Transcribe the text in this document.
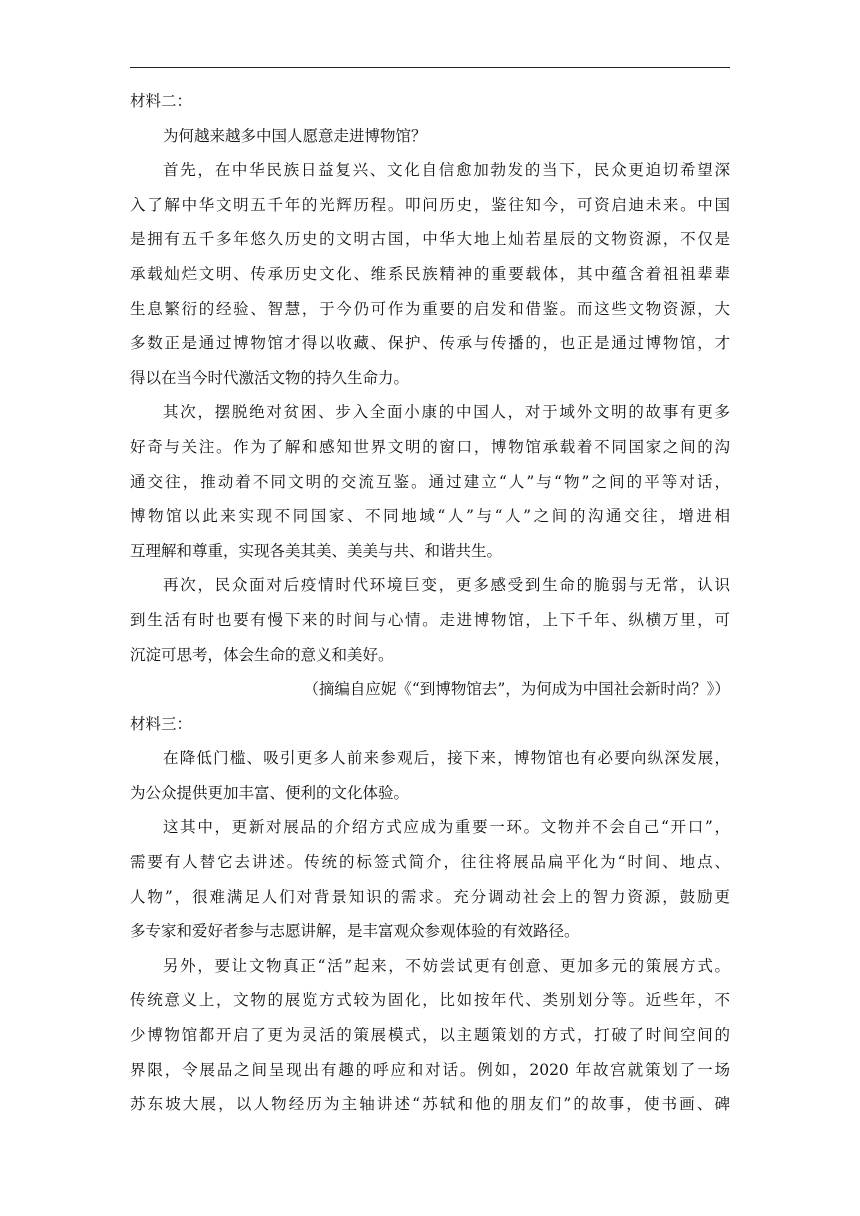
材料二：
为何越来越多中国人愿意走进博物馆？
首先，在中华民族日益复兴、文化自信愈加勃发的当下，民众更迫切希望深
入了解中华文明五千年的光辉历程。叩问历史，鉴往知今，可资启迪未来。中国
是拥有五千多年悠久历史的文明古国，中华大地上灿若星辰的文物资源，不仅是
承载灿烂文明、传承历史文化、维系民族精神的重要载体，其中蕴含着祖祖辈辈
生息繁衍的经验、智慧，于今仍可作为重要的启发和借鉴。而这些文物资源，大
多数正是通过博物馆才得以收藏、保护、传承与传播的，也正是通过博物馆，才
得以在当今时代激活文物的持久生命力。
其次，摆脱绝对贫困、步入全面小康的中国人，对于域外文明的故事有更多
好奇与关注。作为了解和感知世界文明的窗口，博物馆承载着不同国家之间的沟
通交往，推动着不同文明的交流互鉴。通过建立“人”与“物”之间的平等对话，
博物馆以此来实现不同国家、不同地域“人”与“人”之间的沟通交往，增进相
互理解和尊重，实现各美其美、美美与共、和谐共生。
再次，民众面对后疫情时代环境巨变，更多感受到生命的脆弱与无常，认识
到生活有时也要有慢下来的时间与心情。走进博物馆，上下千年、纵横万里，可
沉淀可思考，体会生命的意义和美好。
（摘编自应妮《“到博物馆去”，为何成为中国社会新时尚？》）
材料三：
在降低门槛、吸引更多人前来参观后，接下来，博物馆也有必要向纵深发展，
为公众提供更加丰富、便利的文化体验。
这其中，更新对展品的介绍方式应成为重要一环。文物并不会自己“开口”，
需要有人替它去讲述。传统的标签式简介，往往将展品扁平化为“时间、地点、
人物”，很难满足人们对背景知识的需求。充分调动社会上的智力资源，鼓励更
多专家和爱好者参与志愿讲解，是丰富观众参观体验的有效路径。
另外，要让文物真正“活”起来，不妨尝试更有创意、更加多元的策展方式。
传统意义上，文物的展览方式较为固化，比如按年代、类别划分等。近些年，不
少博物馆都开启了更为灵活的策展模式，以主题策划的方式，打破了时间空间的
界限，令展品之间呈现出有趣的呼应和对话。例如，2020 年故宫就策划了一场
苏东坡大展，以人物经历为主轴讲述“苏轼和他的朋友们”的故事，使书画、碑
